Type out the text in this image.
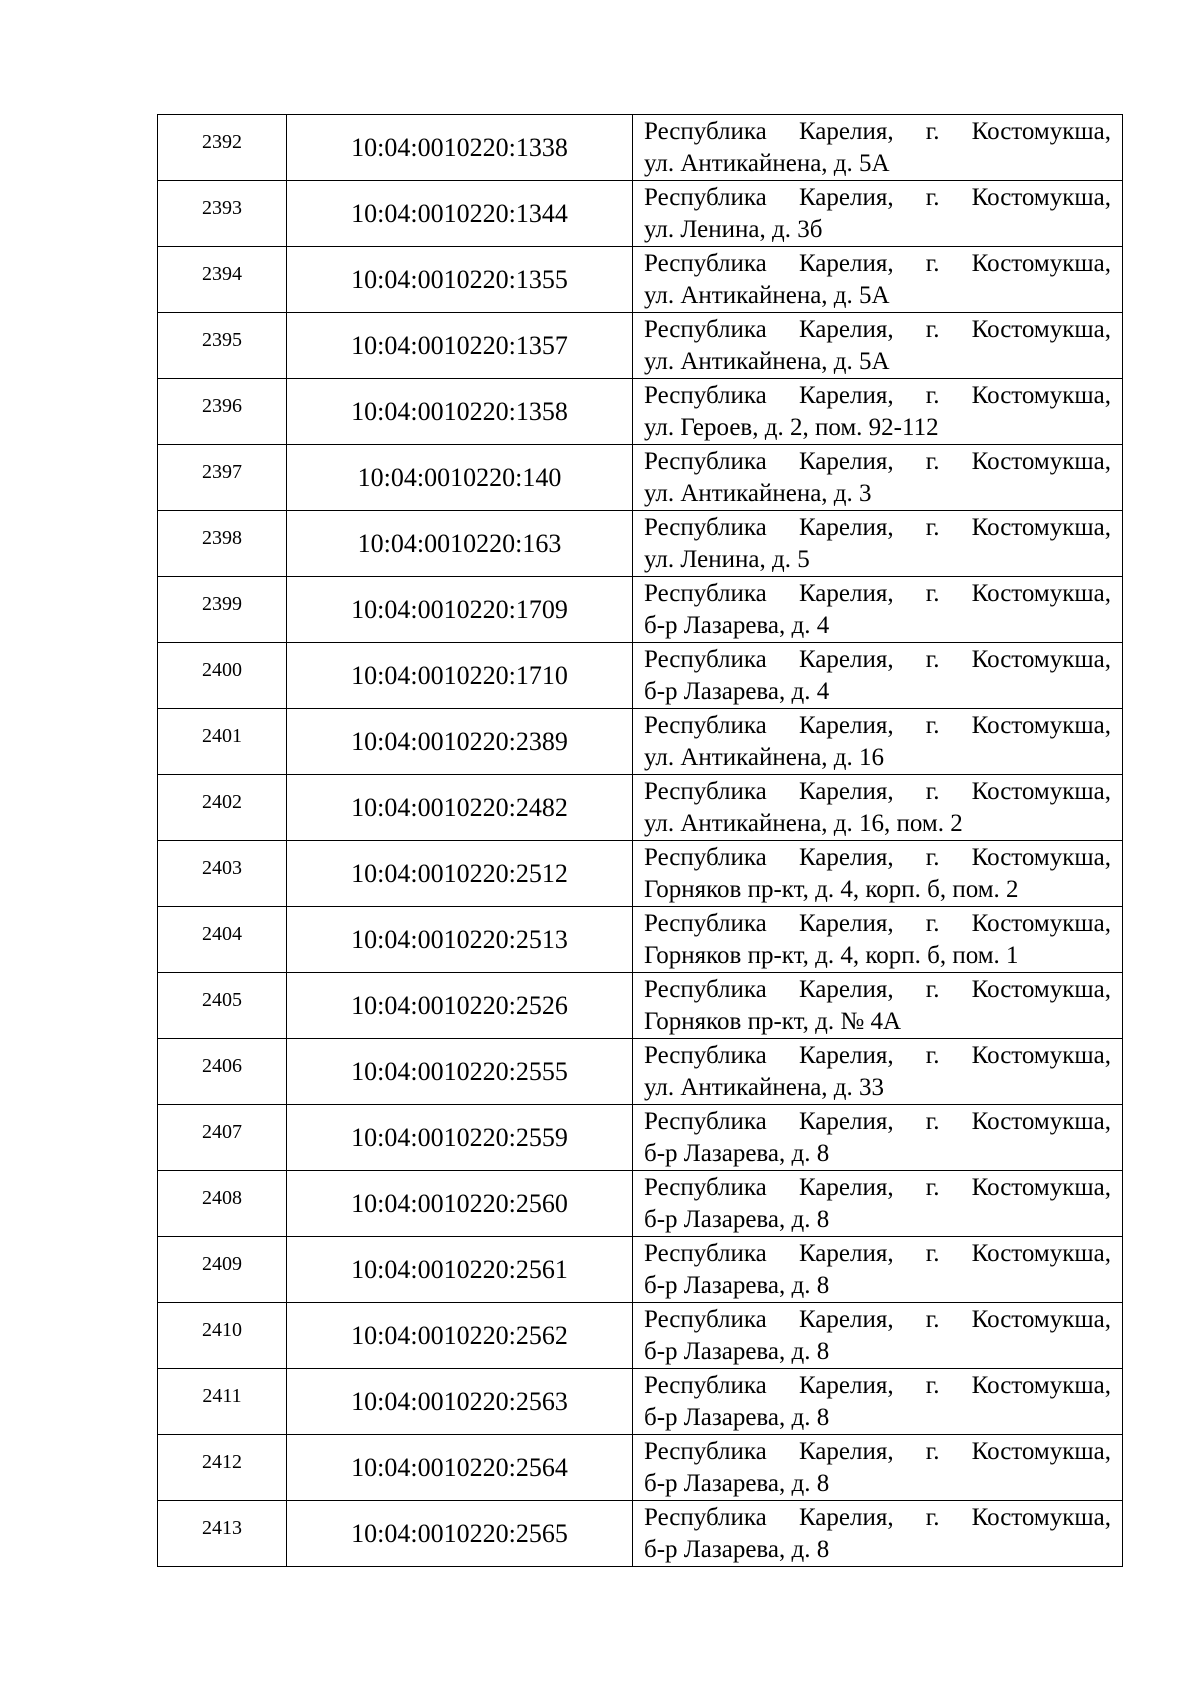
2392	10:04:0010220:1338	Республика Карелия, г. Костомукша,
ул. Антикайнена, д. 5А

2393	10:04:0010220:1344	Республика Карелия, г. Костомукша,
ул. Ленина, д. 3б

2394	10:04:0010220:1355	Республика Карелия, г. Костомукша,
ул. Антикайнена, д. 5А

2395	10:04:0010220:1357	Республика Карелия, г. Костомукша,
ул. Антикайнена, д. 5А

2396	10:04:0010220:1358	Республика Карелия, г. Костомукша,
ул. Героев, д. 2, пом. 92-112

2397	10:04:0010220:140	Республика Карелия, г. Костомукша,
ул. Антикайнена, д. 3

2398	10:04:0010220:163	Республика Карелия, г. Костомукша,
ул. Ленина, д. 5

2399	10:04:0010220:1709	Республика Карелия, г. Костомукша,
б-р Лазарева, д. 4

2400	10:04:0010220:1710	Республика Карелия, г. Костомукша,
б-р Лазарева, д. 4

2401	10:04:0010220:2389	Республика Карелия, г. Костомукша,
ул. Антикайнена, д. 16

2402	10:04:0010220:2482	Республика Карелия, г. Костомукша,
ул. Антикайнена, д. 16, пом. 2

2403	10:04:0010220:2512	Республика Карелия, г. Костомукша,
Горняков пр-кт, д. 4, корп. б, пом. 2

2404	10:04:0010220:2513	Республика Карелия, г. Костомукша,
Горняков пр-кт, д. 4, корп. б, пом. 1

2405	10:04:0010220:2526	Республика Карелия, г. Костомукша,
Горняков пр-кт, д. № 4А

2406	10:04:0010220:2555	Республика Карелия, г. Костомукша,
ул. Антикайнена, д. 33

2407	10:04:0010220:2559	Республика Карелия, г. Костомукша,
б-р Лазарева, д. 8

2408	10:04:0010220:2560	Республика Карелия, г. Костомукша,
б-р Лазарева, д. 8

2409	10:04:0010220:2561	Республика Карелия, г. Костомукша,
б-р Лазарева, д. 8

2410	10:04:0010220:2562	Республика Карелия, г. Костомукша,
б-р Лазарева, д. 8

2411	10:04:0010220:2563	Республика Карелия, г. Костомукша,
б-р Лазарева, д. 8

2412	10:04:0010220:2564	Республика Карелия, г. Костомукша,
б-р Лазарева, д. 8

2413	10:04:0010220:2565	Республика Карелия, г. Костомукша,
б-р Лазарева, д. 8
